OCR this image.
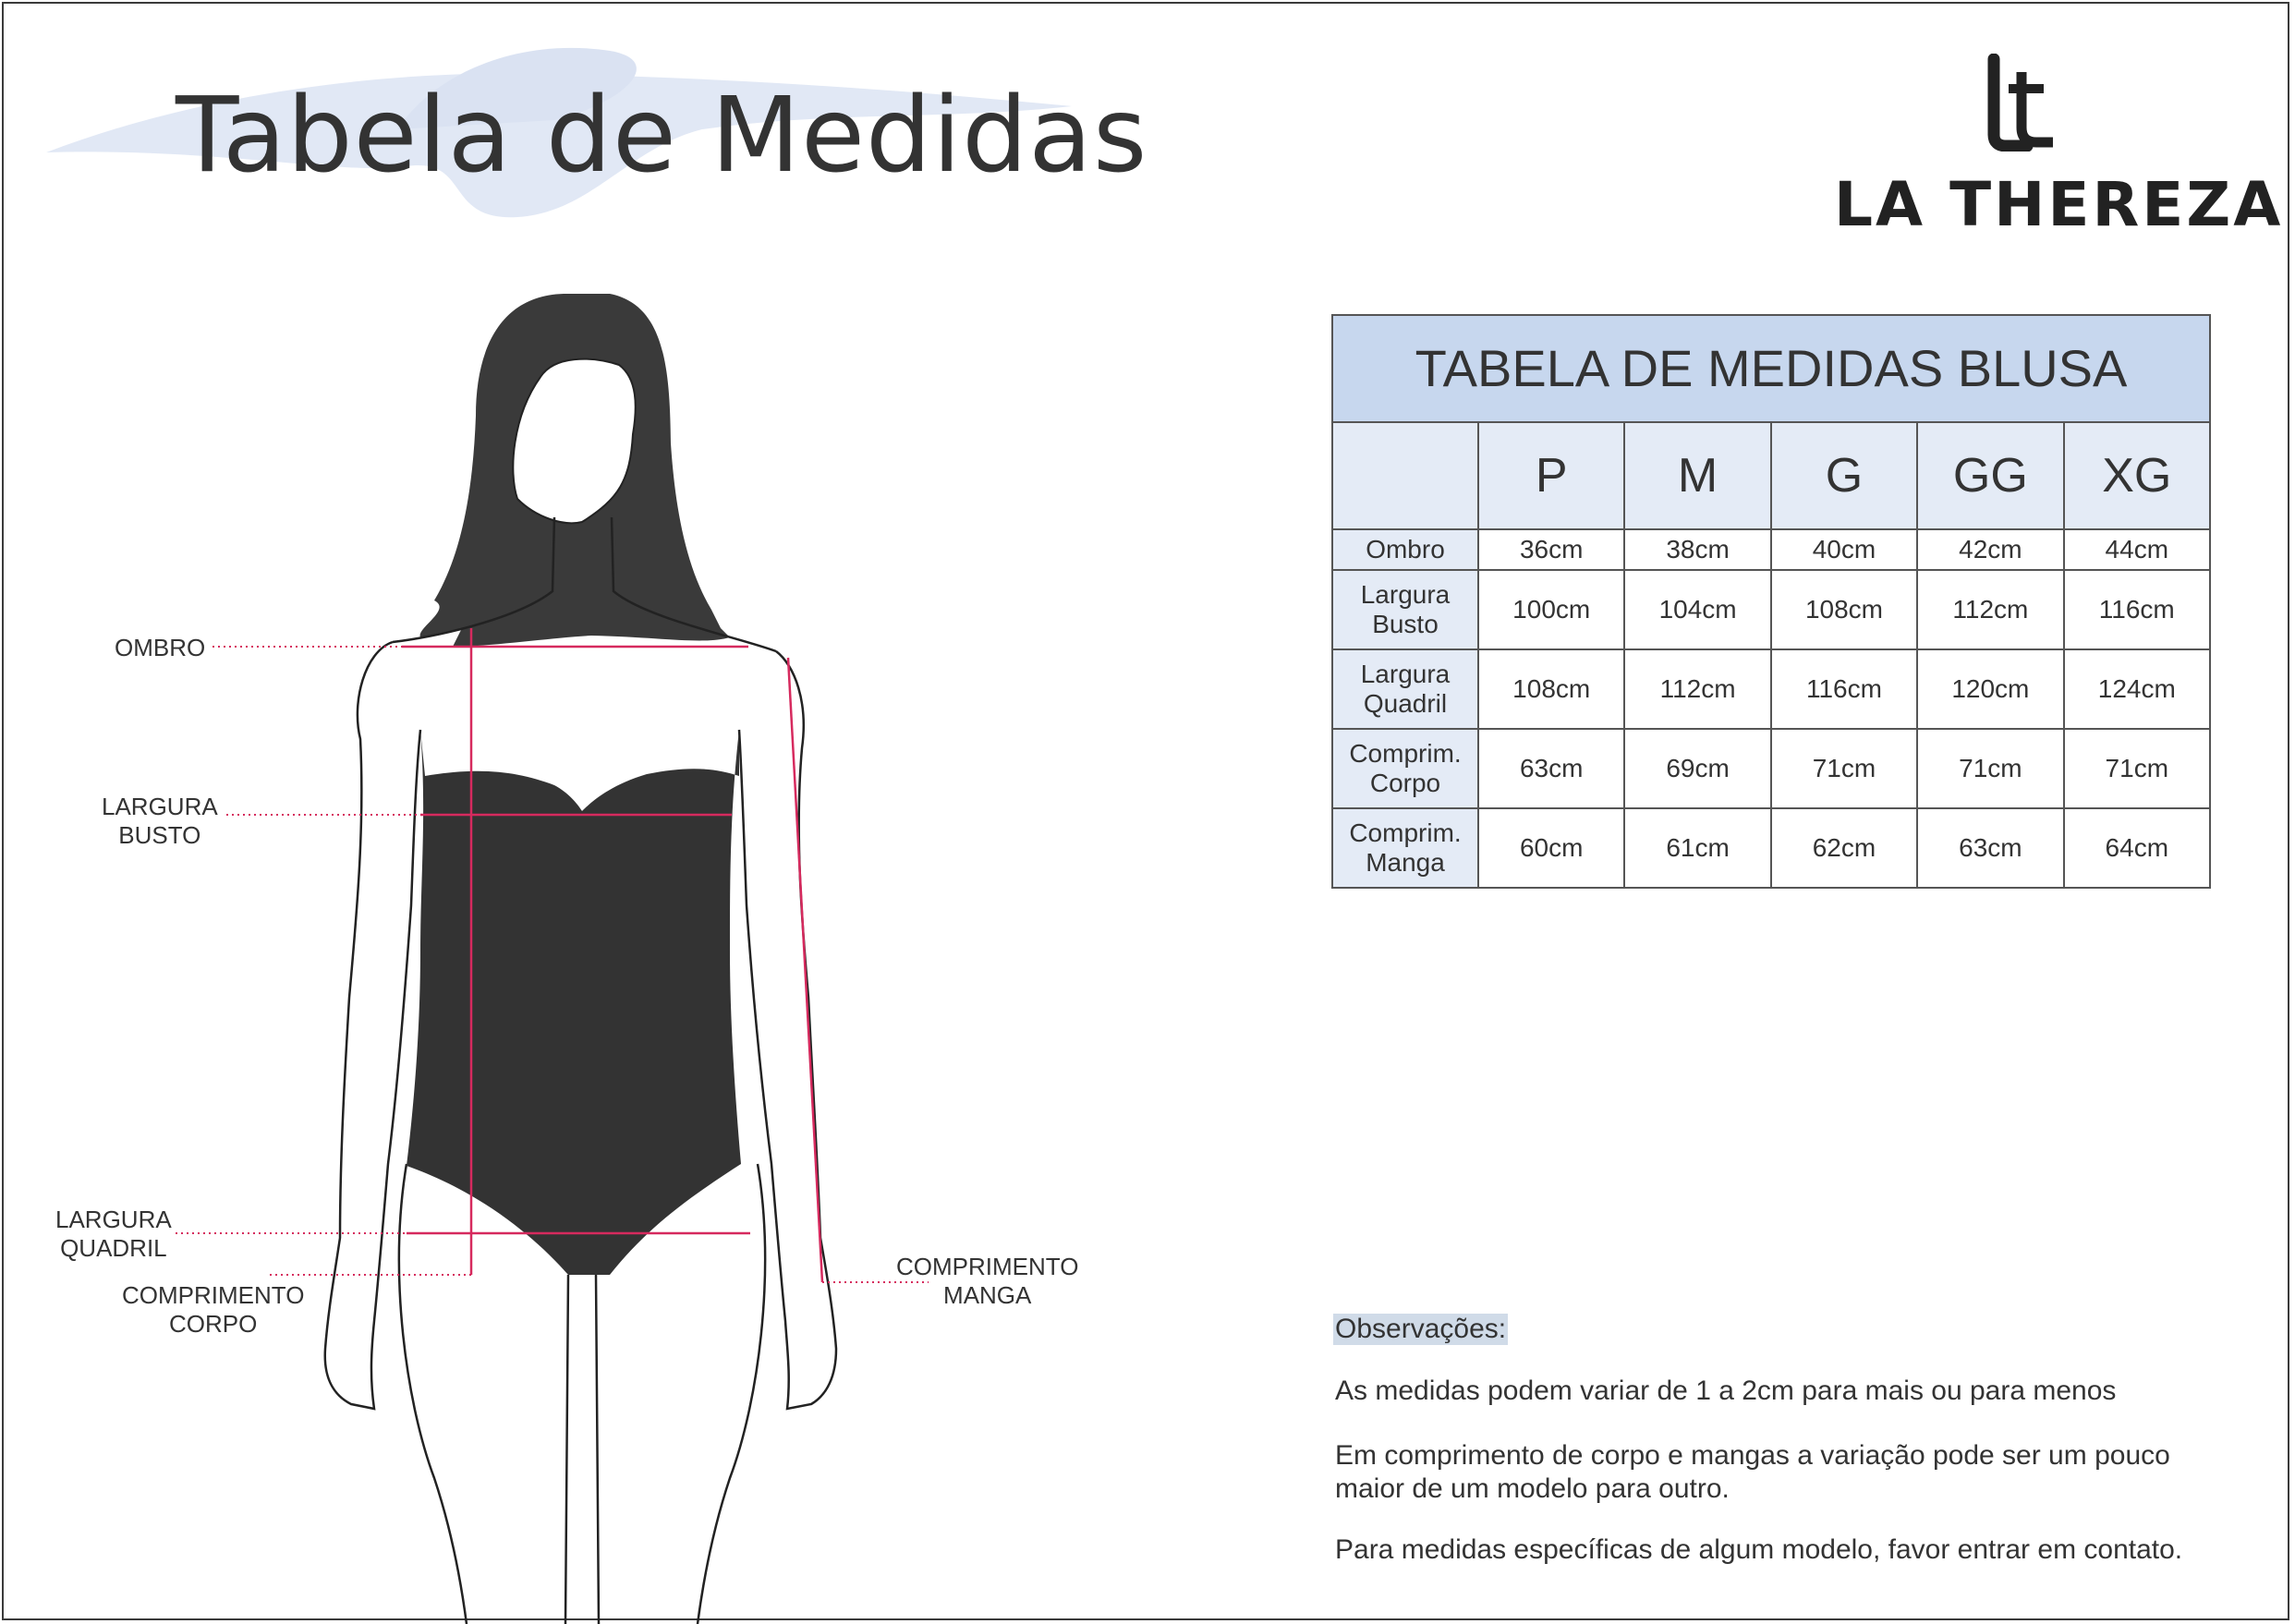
Tabela de Medidas
LA THEREZA
OMBRO
LARGURA
BUSTO
LARGURA
QUADRIL
COMPRIMENTO
CORPO
COMPRIMENTO
MANGA
TABELA DE MEDIDAS BLUSA					
	P	M	G	GG	XG
Ombro	36cm	38cm	40cm	42cm	44cm
Largura
Busto	100cm	104cm	108cm	112cm	116cm
Largura
Quadril	108cm	112cm	116cm	120cm	124cm
Comprim.
Corpo	63cm	69cm	71cm	71cm	71cm
Comprim.
Manga	60cm	61cm	62cm	63cm	64cm
Observações:
As medidas podem variar de 1 a 2cm para mais ou para menos
Em comprimento de corpo e mangas a variação pode ser um pouco maior de um modelo para outro.
Para medidas específicas de algum modelo, favor entrar em contato.
